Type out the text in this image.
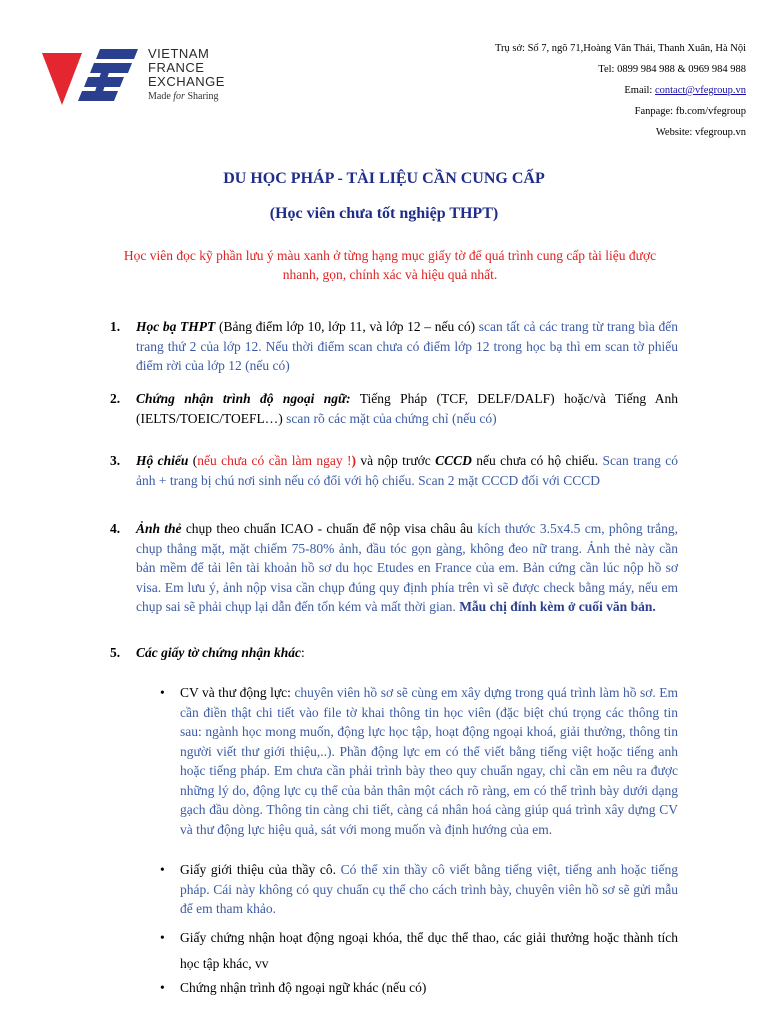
VIETNAM
FRANCE
EXCHANGE
Made for Sharing
Trụ sở: Số 7, ngõ 71,Hoàng Văn Thái, Thanh Xuân, Hà Nội
Tel: 0899 984 988 & 0969 984 988
Email: contact@vfegroup.vn
Fanpage: fb.com/vfegroup
Website: vfegroup.vn
DU HỌC PHÁP - TÀI LIỆU CẦN CUNG CẤP
(Học viên chưa tốt nghiệp THPT)
Học viên đọc kỹ phần lưu ý màu xanh ở từng hạng mục giấy tờ để quá trình cung cấp tài liệu được nhanh, gọn, chính xác và hiệu quả nhất.
1. Học bạ THPT (Bảng điểm lớp 10, lớp 11, và lớp 12 – nếu có) scan tất cả các trang từ trang bìa đến trang thứ 2 của lớp 12. Nếu thời điểm scan chưa có điểm lớp 12 trong học bạ thì em scan tờ phiếu điểm rời của lớp 12 (nếu có)
2. Chứng nhận trình độ ngoại ngữ: Tiếng Pháp (TCF, DELF/DALF) hoặc/và Tiếng Anh (IELTS/TOEIC/TOEFL…) scan rõ các mặt của chứng chỉ (nếu có)
3. Hộ chiếu (nếu chưa có cần làm ngay !) và nộp trước CCCD nếu chưa có hộ chiếu. Scan trang có ảnh + trang bị chú nơi sinh nếu có đổi với hộ chiếu. Scan 2 mặt CCCD đối với CCCD
4. Ảnh thẻ chụp theo chuẩn ICAO - chuẩn để nộp visa châu âu kích thước 3.5x4.5 cm, phông trắng, chụp thẳng mặt, mặt chiếm 75-80% ảnh, đầu tóc gọn gàng, không đeo nữ trang. Ảnh thẻ này cần bản mềm để tải lên tài khoản hồ sơ du học Etudes en France của em. Bản cứng cần lúc nộp hồ sơ visa. Em lưu ý, ảnh nộp visa cần chụp đúng quy định phía trên vì sẽ được check bằng máy, nếu em chụp sai sẽ phải chụp lại dẫn đến tốn kém và mất thời gian. Mẫu chị đính kèm ở cuối văn bản.
5. Các giấy tờ chứng nhận khác:
• CV và thư động lực: chuyên viên hồ sơ sẽ cùng em xây dựng trong quá trình làm hồ sơ. Em cần điền thật chi tiết vào file tờ khai thông tin học viên (đặc biệt chú trọng các thông tin sau: ngành học mong muốn, động lực học tập, hoạt động ngoại khoá, giải thưởng, thông tin người viết thư giới thiệu,..). Phần động lực em có thể viết bằng tiếng việt hoặc tiếng anh hoặc tiếng pháp. Em chưa cần phải trình bày theo quy chuẩn ngay, chỉ cần em nêu ra được những lý do, động lực cụ thể của bản thân một cách rõ ràng, em có thể trình bày dưới dạng gạch đầu dòng. Thông tin càng chi tiết, càng cá nhân hoá càng giúp quá trình xây dựng CV và thư động lực hiệu quả, sát với mong muốn và định hướng của em.
• Giấy giới thiệu của thầy cô. Có thể xin thầy cô viết bằng tiếng việt, tiếng anh hoặc tiếng pháp. Cái này không có quy chuẩn cụ thể cho cách trình bày, chuyên viên hồ sơ sẽ gửi mẫu để em tham khảo.
• Giấy chứng nhận hoạt động ngoại khóa, thể dục thể thao, các giải thưởng hoặc thành tích học tập khác, vv
• Chứng nhận trình độ ngoại ngữ khác (nếu có)
